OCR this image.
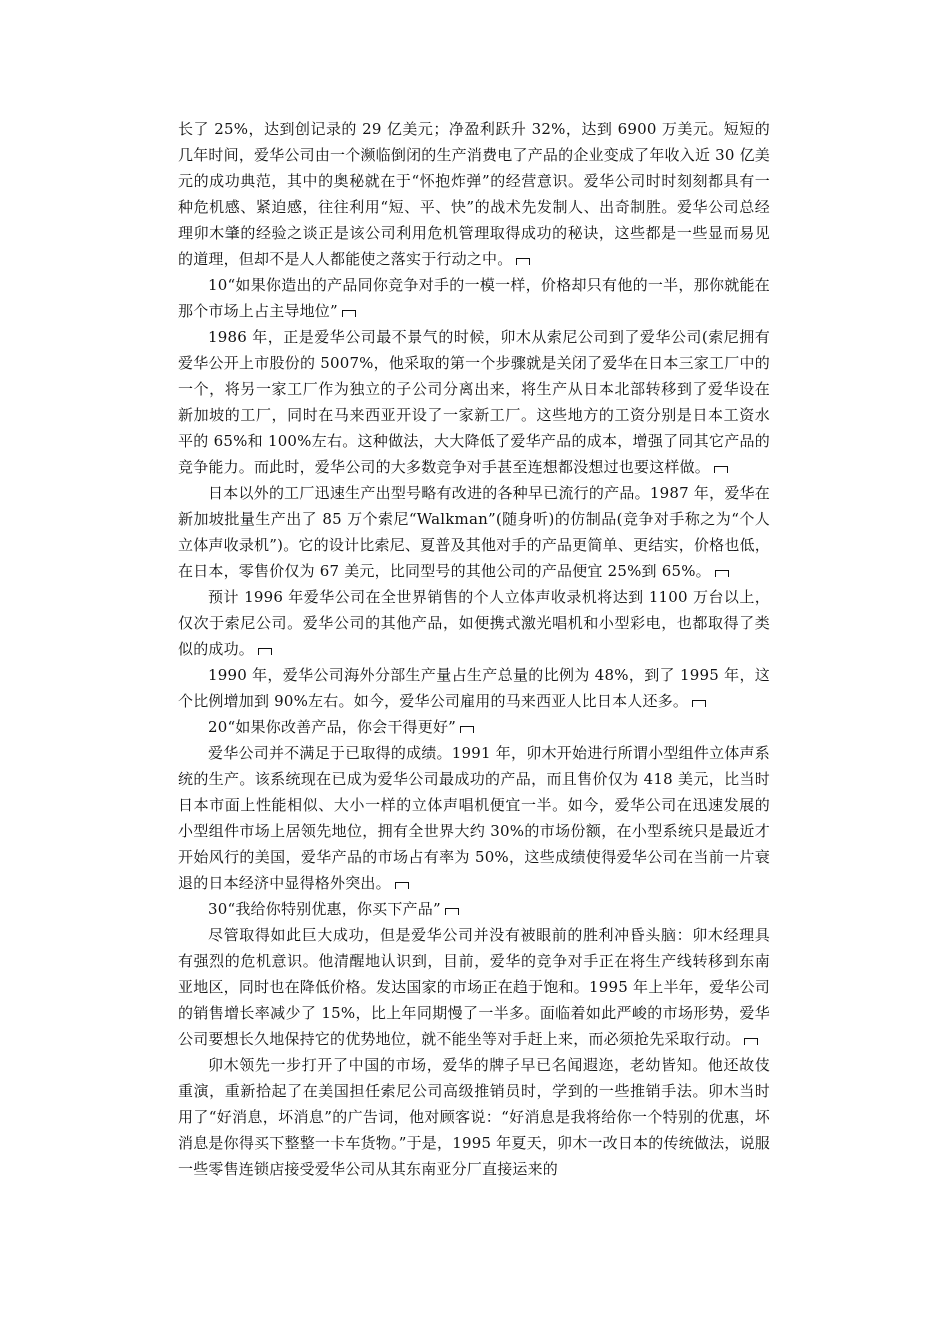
长了 25%，达到创记录的 29 亿美元；净盈利跃升 32%，达到 6900 万美元。短短的几年时间，爱华公司由一个濒临倒闭的生产消费电了产品的企业变成了年收入近 30 亿美元的成功典范，其中的奥秘就在于“怀抱炸弹”的经营意识。爱华公司时时刻刻都具有一种危机感、紧迫感，往往利用“短、平、快”的战术先发制人、出奇制胜。爱华公司总经理卯木肇的经验之谈正是该公司利用危机管理取得成功的秘诀，这些都是一些显而易见的道理，但却不是人人都能使之落实于行动之中。

10“如果你造出的产品同你竞争对手的一模一样，价格却只有他的一半，那你就能在那个市场上占主导地位”

1986 年，正是爱华公司最不景气的时候，卯木从索尼公司到了爱华公司(索尼拥有爱华公开上市股份的 5007%，他采取的第一个步骤就是关闭了爱华在日本三家工厂中的一个，将另一家工厂作为独立的子公司分离出来，将生产从日本北部转移到了爱华设在新加坡的工厂，同时在马来西亚开设了一家新工厂。这些地方的工资分别是日本工资水平的 65%和 100%左右。这种做法，大大降低了爱华产品的成本，增强了同其它产品的竞争能力。而此时，爱华公司的大多数竞争对手甚至连想都没想过也要这样做。

日本以外的工厂迅速生产出型号略有改进的各种早已流行的产品。1987 年，爱华在新加坡批量生产出了 85 万个索尼“Walkman”(随身听)的仿制品(竞争对手称之为“个人立体声收录机”)。它的设计比索尼、夏普及其他对手的产品更简单、更结实，价格也低，在日本，零售价仅为 67 美元，比同型号的其他公司的产品便宜 25%到 65%。

预计 1996 年爱华公司在全世界销售的个人立体声收录机将达到 1100 万台以上，仅次于索尼公司。爱华公司的其他产品，如便携式激光唱机和小型彩电，也都取得了类似的成功。

1990 年，爱华公司海外分部生产量占生产总量的比例为 48%，到了 1995 年，这个比例增加到 90%左右。如今，爱华公司雇用的马来西亚人比日本人还多。

20“如果你改善产品，你会干得更好”

爱华公司并不满足于已取得的成绩。1991 年，卯木开始进行所谓小型组件立体声系统的生产。该系统现在已成为爱华公司最成功的产品，而且售价仅为 418 美元，比当时日本市面上性能相似、大小一样的立体声唱机便宜一半。如今，爱华公司在迅速发展的小型组件市场上居领先地位，拥有全世界大约 30%的市场份额，在小型系统只是最近才开始风行的美国，爱华产品的市场占有率为 50%，这些成绩使得爱华公司在当前一片衰退的日本经济中显得格外突出。

30“我给你特别优惠，你买下产品”

尽管取得如此巨大成功，但是爱华公司并没有被眼前的胜利冲昏头脑：卯木经理具有强烈的危机意识。他清醒地认识到，目前，爱华的竞争对手正在将生产线转移到东南亚地区，同时也在降低价格。发达国家的市场正在趋于饱和。1995 年上半年，爱华公司的销售增长率减少了 15%，比上年同期慢了一半多。面临着如此严峻的市场形势，爱华公司要想长久地保持它的优势地位，就不能坐等对手赶上来，而必须抢先采取行动。

卯木领先一步打开了中国的市场，爱华的牌子早已名闻遐迩，老幼皆知。他还故伎重演，重新拾起了在美国担任索尼公司高级推销员时，学到的一些推销手法。卯木当时用了“好消息，坏消息”的广告词，他对顾客说：“好消息是我将给你一个特别的优惠，坏消息是你得买下整整一卡车货物。”于是，1995 年夏天，卯木一改日本的传统做法，说服一些零售连锁店接受爱华公司从其东南亚分厂直接运来的
